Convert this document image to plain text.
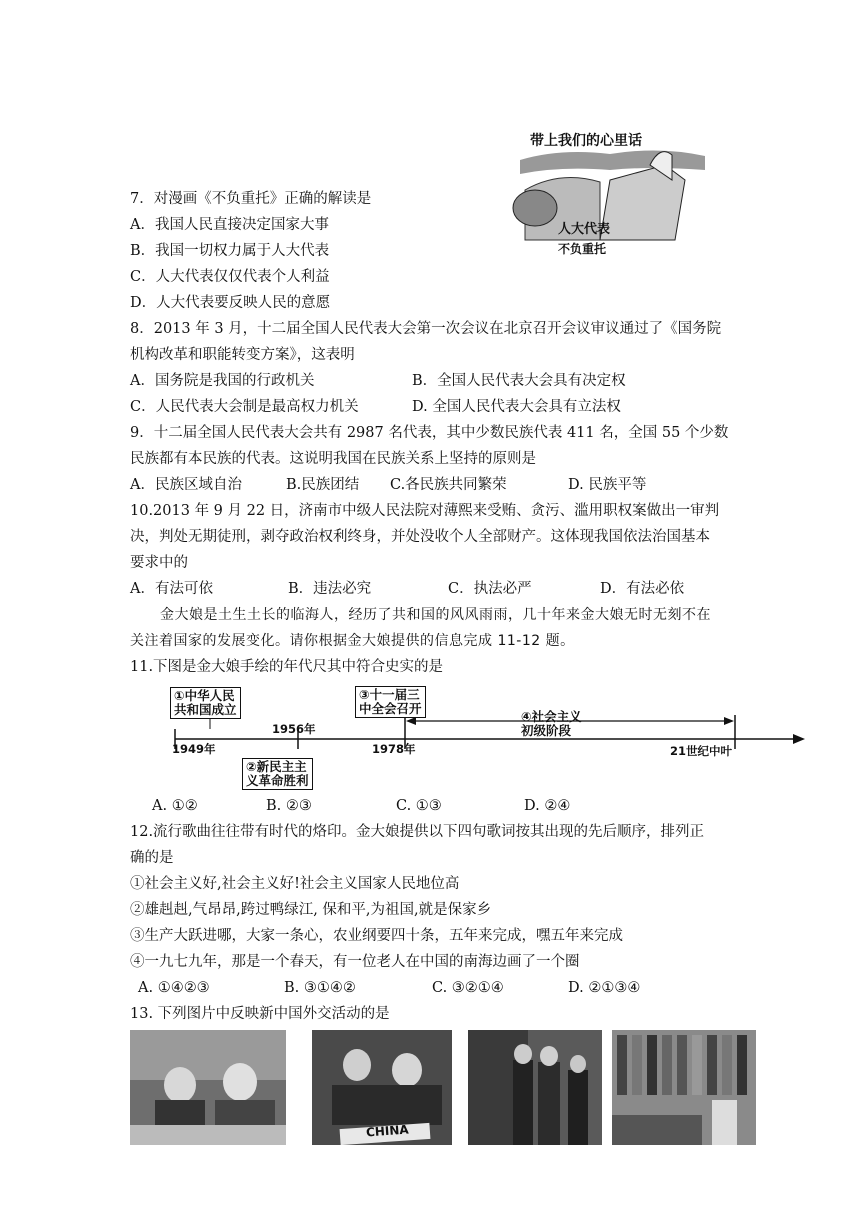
带上我们的心里话
人大代表
不负重托
7．对漫画《不负重托》正确的解读是
A．我国人民直接决定国家大事
B．我国一切权力属于人大代表
C．人大代表仅仅代表个人利益
D．人大代表要反映人民的意愿
8．2013 年 3 月，十二届全国人民代表大会第一次会议在北京召开会议审议通过了《国务院
机构改革和职能转变方案》，这表明
A．国务院是我国的行政机关	B．全国人民代表大会具有决定权
C．人民代表大会制是最高权力机关	D. 全国人民代表大会具有立法权
9．十二届全国人民代表大会共有 2987 名代表，其中少数民族代表 411 名，全国 55 个少数
民族都有本民族的代表。这说明我国在民族关系上坚持的原则是
A．民族区域自治	B.民族团结 C.各民族共同繁荣	D. 民族平等
10.2013 年 9 月 22 日，济南市中级人民法院对薄熙来受贿、贪污、滥用职权案做出一审判
决，判处无期徒刑，剥夺政治权利终身，并处没收个人全部财产。这体现我国依法治国基本
要求中的
A．有法可依	B．违法必究	C．执法必严	D．有法必依
金大娘是土生土长的临海人，经历了共和国的风风雨雨，几十年来金大娘无时无刻不在
关注着国家的发展变化。请你根据金大娘提供的信息完成 11-12 题。
11.下图是金大娘手绘的年代尺其中符合史实的是
①中华人民
共和国成立
③十一届三
中全会召开
④社会主义
初级阶段
②新民主主
义革命胜利
1949年
1956年
1978年	21世纪中叶
A. ①②	B. ②③	C. ①③	D. ②④
12.流行歌曲往往带有时代的烙印。金大娘提供以下四句歌词按其出现的先后顺序，排列正
确的是
①社会主义好,社会主义好!社会主义国家人民地位高
②雄赳赳,气昂昂,跨过鸭绿江, 保和平,为祖国,就是保家乡
③生产大跃进哪，大家一条心，农业纲要四十条，五年来完成，嘿五年来完成
④一九七九年，那是一个春天，有一位老人在中国的南海边画了一个圈
A. ①④②③	B. ③①④②	C. ③②①④	D. ②①③④
13. 下列图片中反映新中国外交活动的是
CHINA
